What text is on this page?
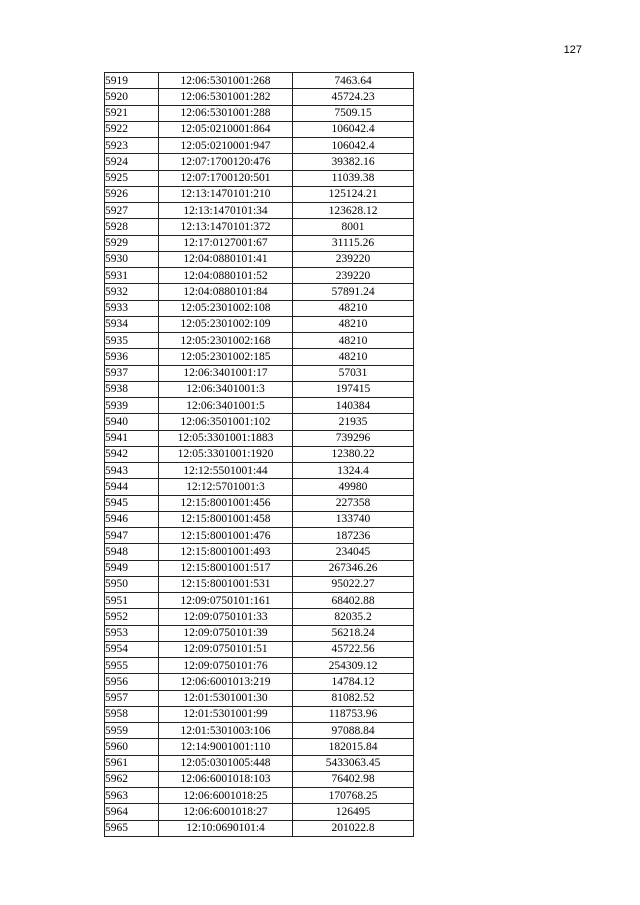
127
5919	12:06:5301001:268	7463.64
5920	12:06:5301001:282	45724.23
5921	12:06:5301001:288	7509.15
5922	12:05:0210001:864	106042.4
5923	12:05:0210001:947	106042.4
5924	12:07:1700120:476	39382.16
5925	12:07:1700120:501	11039.38
5926	12:13:1470101:210	125124.21
5927	12:13:1470101:34	123628.12
5928	12:13:1470101:372	8001
5929	12:17:0127001:67	31115.26
5930	12:04:0880101:41	239220
5931	12:04:0880101:52	239220
5932	12:04:0880101:84	57891.24
5933	12:05:2301002:108	48210
5934	12:05:2301002:109	48210
5935	12:05:2301002:168	48210
5936	12:05:2301002:185	48210
5937	12:06:3401001:17	57031
5938	12:06:3401001:3	197415
5939	12:06:3401001:5	140384
5940	12:06:3501001:102	21935
5941	12:05:3301001:1883	739296
5942	12:05:3301001:1920	12380.22
5943	12:12:5501001:44	1324.4
5944	12:12:5701001:3	49980
5945	12:15:8001001:456	227358
5946	12:15:8001001:458	133740
5947	12:15:8001001:476	187236
5948	12:15:8001001:493	234045
5949	12:15:8001001:517	267346.26
5950	12:15:8001001:531	95022.27
5951	12:09:0750101:161	68402.88
5952	12:09:0750101:33	82035.2
5953	12:09:0750101:39	56218.24
5954	12:09:0750101:51	45722.56
5955	12:09:0750101:76	254309.12
5956	12:06:6001013:219	14784.12
5957	12:01:5301001:30	81082.52
5958	12:01:5301001:99	118753.96
5959	12:01:5301003:106	97088.84
5960	12:14:9001001:110	182015.84
5961	12:05:0301005:448	5433063.45
5962	12:06:6001018:103	76402.98
5963	12:06:6001018:25	170768.25
5964	12:06:6001018:27	126495
5965	12:10:0690101:4	201022.8
